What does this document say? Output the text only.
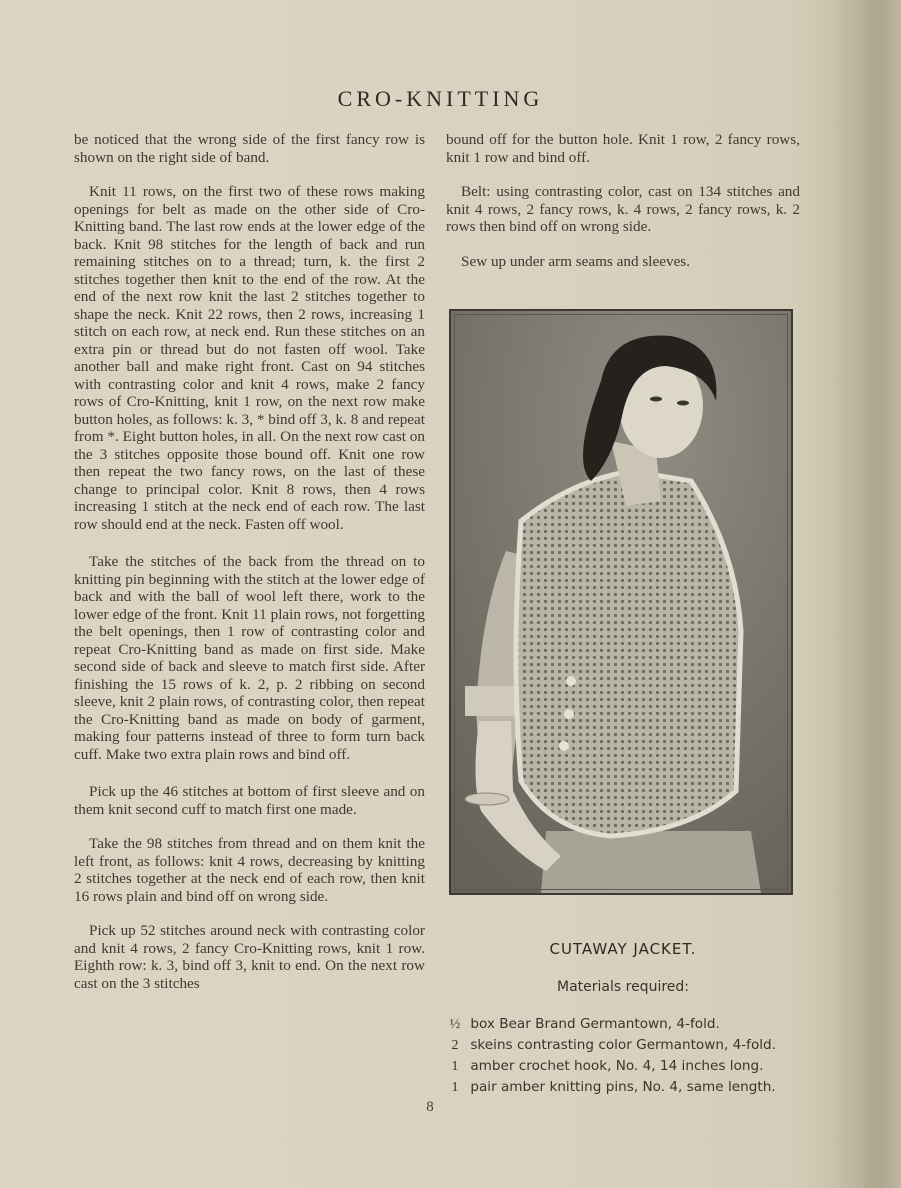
CRO-KNITTING

be noticed that the wrong side of the first fancy row is shown on the right side of band.

Knit 11 rows, on the first two of these rows making openings for belt as made on the other side of Cro-Knitting band. The last row ends at the lower edge of the back. Knit 98 stitches for the length of back and run remaining stitches on to a thread; turn, k. the first 2 stitches together then knit to the end of the row. At the end of the next row knit the last 2 stitches together to shape the neck. Knit 22 rows, then 2 rows, increasing 1 stitch on each row, at neck end. Run these stitches on an extra pin or thread but do not fasten off wool. Take another ball and make right front. Cast on 94 stitches with contrasting color and knit 4 rows, make 2 fancy rows of Cro-Knitting, knit 1 row, on the next row make button holes, as follows: k. 3, * bind off 3, k. 8 and repeat from *. Eight button holes, in all. On the next row cast on the 3 stitches opposite those bound off. Knit one row then repeat the two fancy rows, on the last of these change to principal color. Knit 8 rows, then 4 rows increasing 1 stitch at the neck end of each row. The last row should end at the neck. Fasten off wool.

Take the stitches of the back from the thread on to knitting pin beginning with the stitch at the lower edge of back and with the ball of wool left there, work to the lower edge of the front. Knit 11 plain rows, not forgetting the belt openings, then 1 row of contrasting color and repeat Cro-Knitting band as made on first side. Make second side of back and sleeve to match first side. After finishing the 15 rows of k. 2, p. 2 ribbing on second sleeve, knit 2 plain rows, of contrasting color, then repeat the Cro-Knitting band as made on body of garment, making four patterns instead of three to form turn back cuff. Make two extra plain rows and bind off.

Pick up the 46 stitches at bottom of first sleeve and on them knit second cuff to match first one made.

Take the 98 stitches from thread and on them knit the left front, as follows: knit 4 rows, decreasing by knitting 2 stitches together at the neck end of each row, then knit 16 rows plain and bind off on wrong side.

Pick up 52 stitches around neck with contrasting color and knit 4 rows, 2 fancy Cro-Knitting rows, knit 1 row. Eighth row: k. 3, bind off 3, knit to end. On the next row cast on the 3 stitches

bound off for the button hole. Knit 1 row, 2 fancy rows, knit 1 row and bind off.

Belt: using contrasting color, cast on 134 stitches and knit 4 rows, 2 fancy rows, k. 4 rows, 2 fancy rows, k. 2 rows then bind off on wrong side.

Sew up under arm seams and sleeves.

CUTAWAY JACKET.
Materials required:
½ box Bear Brand Germantown, 4-fold.
2 skeins contrasting color Germantown, 4-fold.
1 amber crochet hook, No. 4, 14 inches long.
1 pair amber knitting pins, No. 4, same length.
8
